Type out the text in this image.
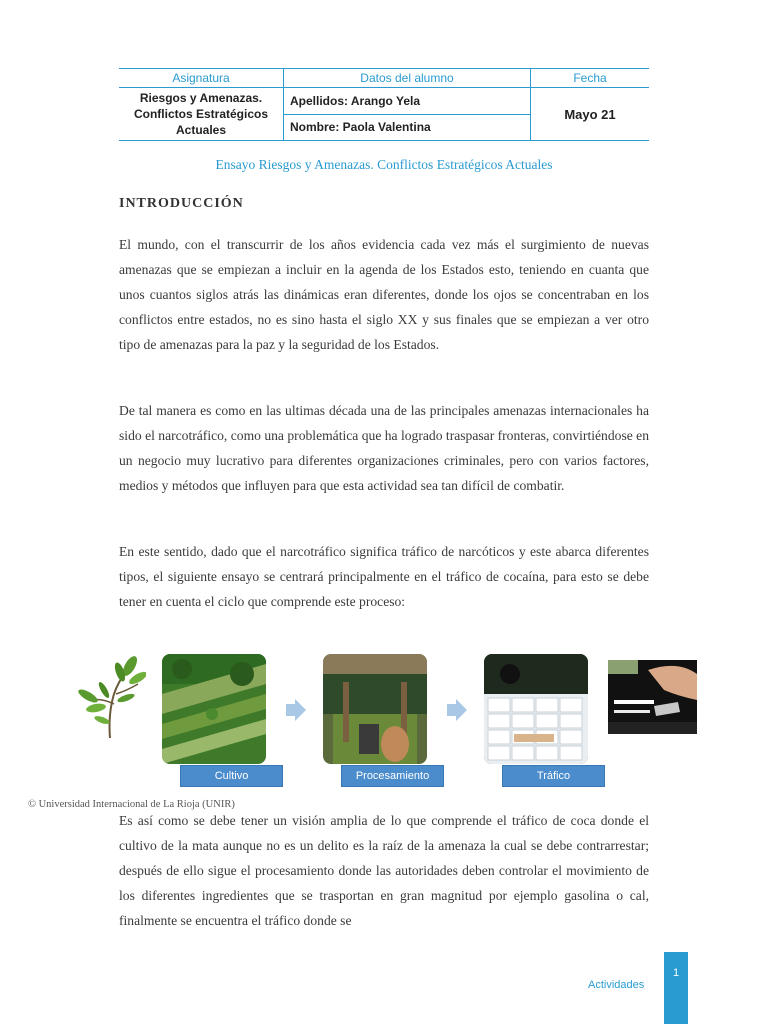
Asignatura	Datos del alumno	Fecha
Riesgos y Amenazas. Conflictos Estratégicos Actuales	Apellidos: Arango Yela	Mayo 21
	Nombre: Paola Valentina	
Ensayo Riesgos y Amenazas. Conflictos Estratégicos Actuales
INTRODUCCIÓN

El mundo, con el transcurrir de los años evidencia cada vez más el surgimiento de nuevas amenazas que se empiezan a incluir en la agenda de los Estados esto, teniendo en cuanta que unos cuantos siglos atrás las dinámicas eran diferentes, donde los ojos se concentraban en los conflictos entre estados, no es sino hasta el siglo XX y sus finales que se empiezan a ver otro tipo de amenazas para la paz y la seguridad de los Estados.

De tal manera es como en las ultimas década una de las principales amenazas internacionales ha sido el narcotráfico, como una problemática que ha logrado traspasar fronteras, convirtiéndose en un negocio muy lucrativo para diferentes organizaciones criminales, pero con varios factores, medios y métodos que influyen para que esta actividad sea tan difícil de combatir.

En este sentido, dado que el narcotráfico significa tráfico de narcóticos y este abarca diferentes tipos, el siguiente ensayo se centrará principalmente en el tráfico de cocaína, para esto se debe tener en cuenta el ciclo que comprende este proceso:

Cultivo	Procesamiento	Tráfico
© Universidad Internacional de La Rioja (UNIR)

Es así como se debe tener un visión amplia de lo que comprende el tráfico de coca donde el cultivo de la mata aunque no es un delito es la raíz de la amenaza la cual se debe contrarrestar; después de ello sigue el procesamiento donde las autoridades deben controlar el movimiento de los diferentes ingredientes que se trasportan en gran magnitud por ejemplo gasolina o cal, finalmente se encuentra el tráfico donde se

Actividades
1
